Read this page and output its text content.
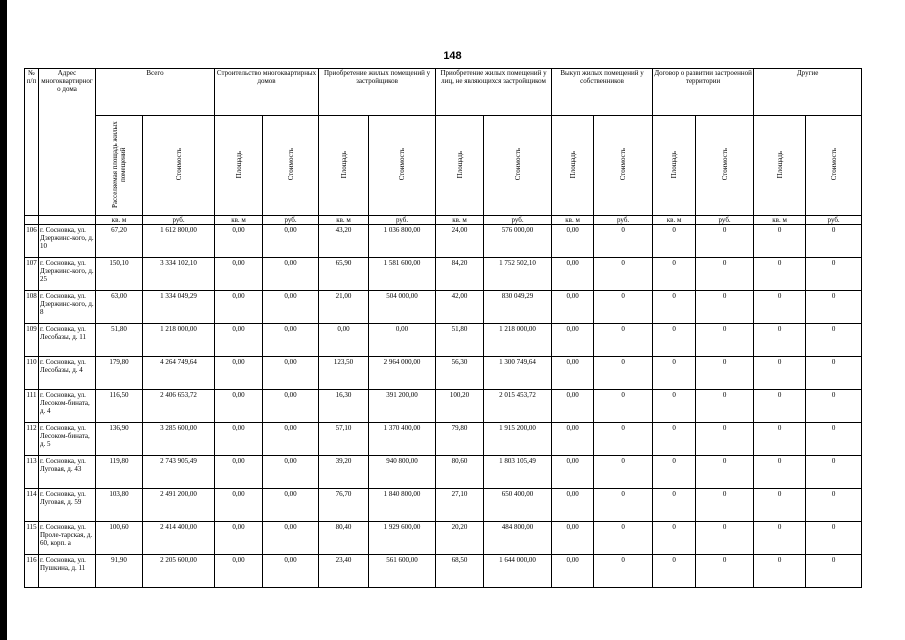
148
№ п/п	Адрес многоквартирног о дома	Всего		Строительство многоквартирных домов		Приобретение жилых помещений у застройщиков		Приобретение жилых помещений у лиц, не являющихся застройщиком		Выкуп жилых помещений у собственников		Договор о развитии застроенной территории		Другие	
		Расселяемая площадь жилых помещений	Стоимость	Площадь	Стоимость	Площадь	Стоимость	Площадь	Стоимость	Площадь	Стоимость	Площадь	Стоимость	Площадь	Стоимость
		кв. м	руб.	кв. м	руб.	кв. м	руб.	кв. м	руб.	кв. м	руб.	кв. м	руб.	кв. м	руб.
106	г. Сосновка, ул. Дзержинс-кого, д. 10	67,20	1 612 800,00	0,00	0,00	43,20	1 036 800,00	24,00	576 000,00	0,00	0	0	0	0	0
107	г. Сосновка, ул. Дзержинс-кого, д. 25	150,10	3 334 102,10	0,00	0,00	65,90	1 581 600,00	84,20	1 752 502,10	0,00	0	0	0	0	0
108	г. Сосновка, ул. Дзержинс-кого, д. 8	63,00	1 334 049,29	0,00	0,00	21,00	504 000,00	42,00	830 049,29	0,00	0	0	0	0	0
109	г. Сосновка, ул. Лесобазы, д. 11	51,80	1 218 000,00	0,00	0,00	0,00	0,00	51,80	1 218 000,00	0,00	0	0	0	0	0
110	г. Сосновка, ул. Лесобазы, д. 4	179,80	4 264 749,64	0,00	0,00	123,50	2 964 000,00	56,30	1 300 749,64	0,00	0	0	0	0	0
111	г. Сосновка, ул. Лесоком-бината, д. 4	116,50	2 406 653,72	0,00	0,00	16,30	391 200,00	100,20	2 015 453,72	0,00	0	0	0	0	0
112	г. Сосновка, ул. Лесоком-бината, д. 5	136,90	3 285 600,00	0,00	0,00	57,10	1 370 400,00	79,80	1 915 200,00	0,00	0	0	0	0	0
113	г. Сосновка, ул. Луговая, д. 43	119,80	2 743 905,49	0,00	0,00	39,20	940 800,00	80,60	1 803 105,49	0,00	0	0	0	0	0
114	г. Сосновка, ул. Луговая, д. 59	103,80	2 491 200,00	0,00	0,00	76,70	1 840 800,00	27,10	650 400,00	0,00	0	0	0	0	0
115	г. Сосновка, ул. Проле-тарская, д. 60, корп. а	100,60	2 414 400,00	0,00	0,00	80,40	1 929 600,00	20,20	484 800,00	0,00	0	0	0	0	0
116	г. Сосновка, ул. Пушкина, д. 11	91,90	2 205 600,00	0,00	0,00	23,40	561 600,00	68,50	1 644 000,00	0,00	0	0	0	0	0
